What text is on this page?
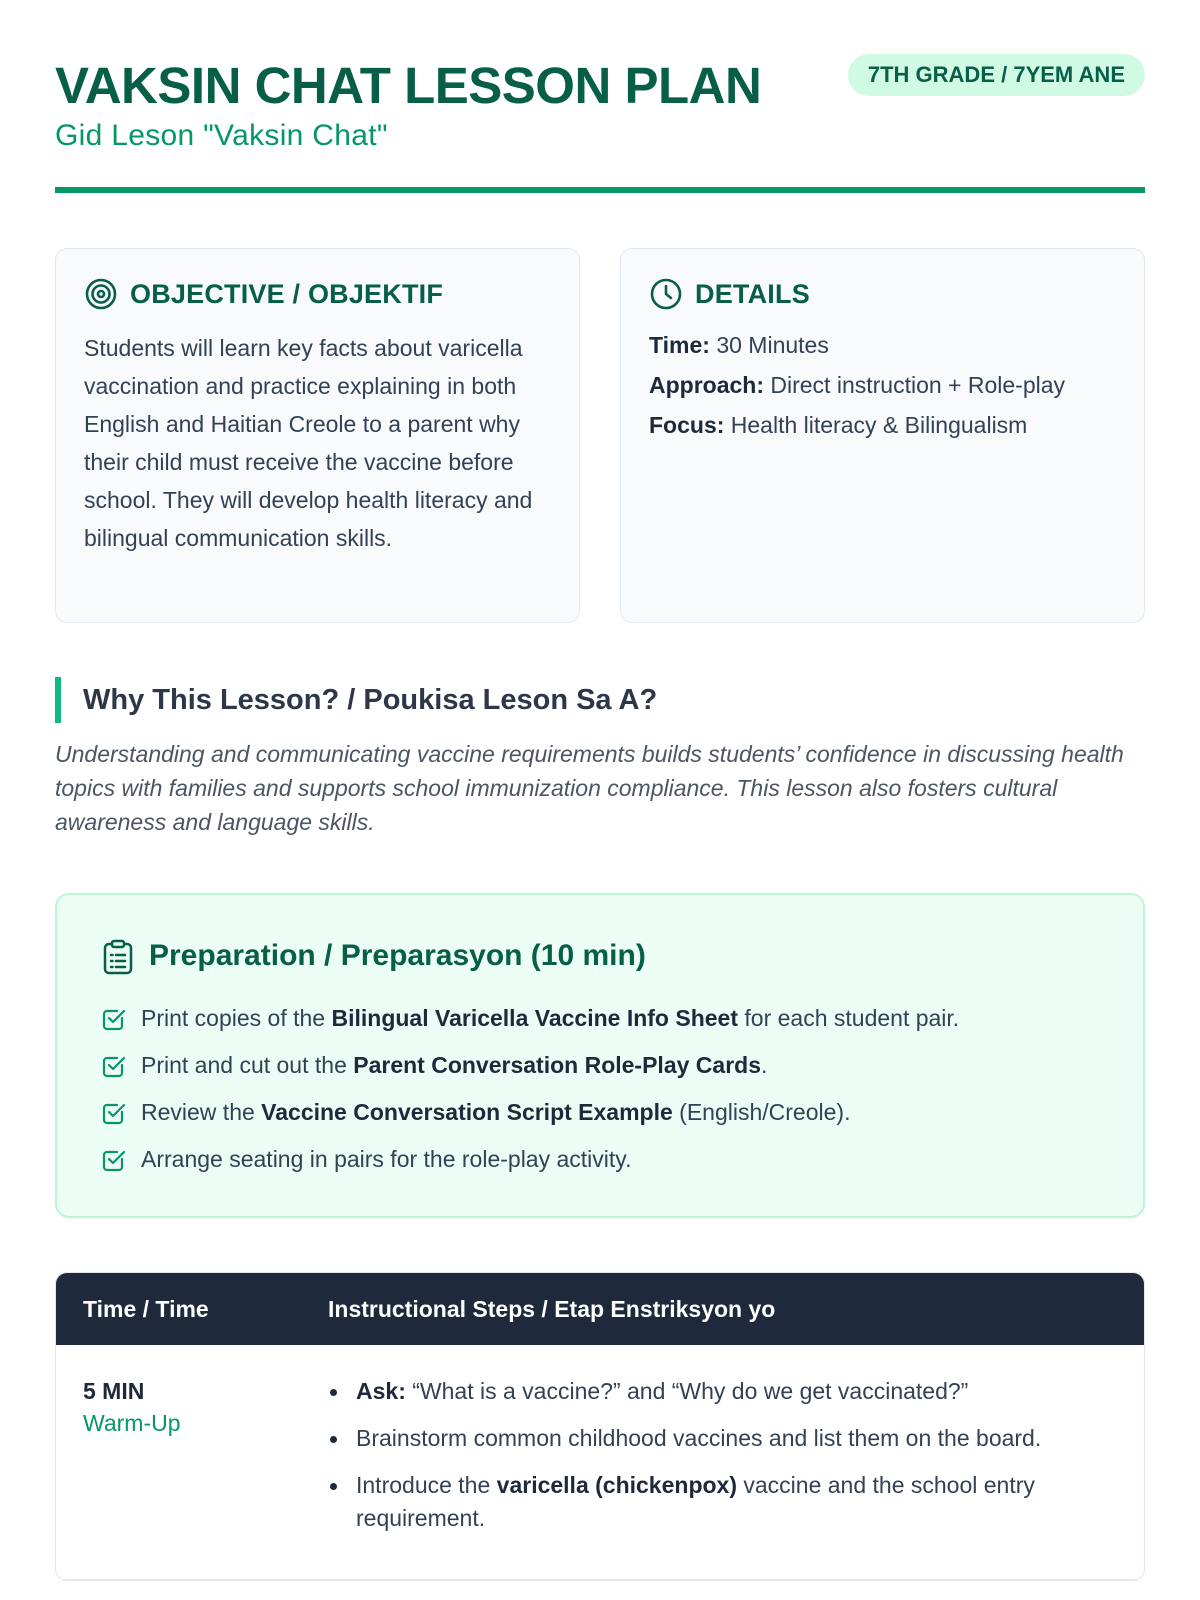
VAKSIN CHAT LESSON PLAN
Gid Leson "Vaksin Chat"
7TH GRADE / 7YEM ANE
OBJECTIVE / OBJEKTIF

Students will learn key facts about varicella vaccination and practice explaining in both English and Haitian Creole to a parent why their child must receive the vaccine before school. They will develop health literacy and bilingual communication skills.

DETAILS
Time: 30 Minutes
Approach: Direct instruction + Role-play
Focus: Health literacy & Bilingualism
Why This Lesson? / Poukisa Leson Sa A?

Understanding and communicating vaccine requirements builds students’ confidence in discussing health topics with families and supports school immunization compliance. This lesson also fosters cultural awareness and language skills.

Preparation / Preparasyon (10 min)
Print copies of the Bilingual Varicella Vaccine Info Sheet for each student pair.
Print and cut out the Parent Conversation Role-Play Cards.
Review the Vaccine Conversation Script Example (English/Creole).
Arrange seating in pairs for the role-play activity.
Time / Time	Instructional Steps / Etap Enstriksyon yo
5 MIN
Warm-Up
Ask: “What is a vaccine?” and “Why do we get vaccinated?”
Brainstorm common childhood vaccines and list them on the board.
Introduce the varicella (chickenpox) vaccine and the school entry requirement.
